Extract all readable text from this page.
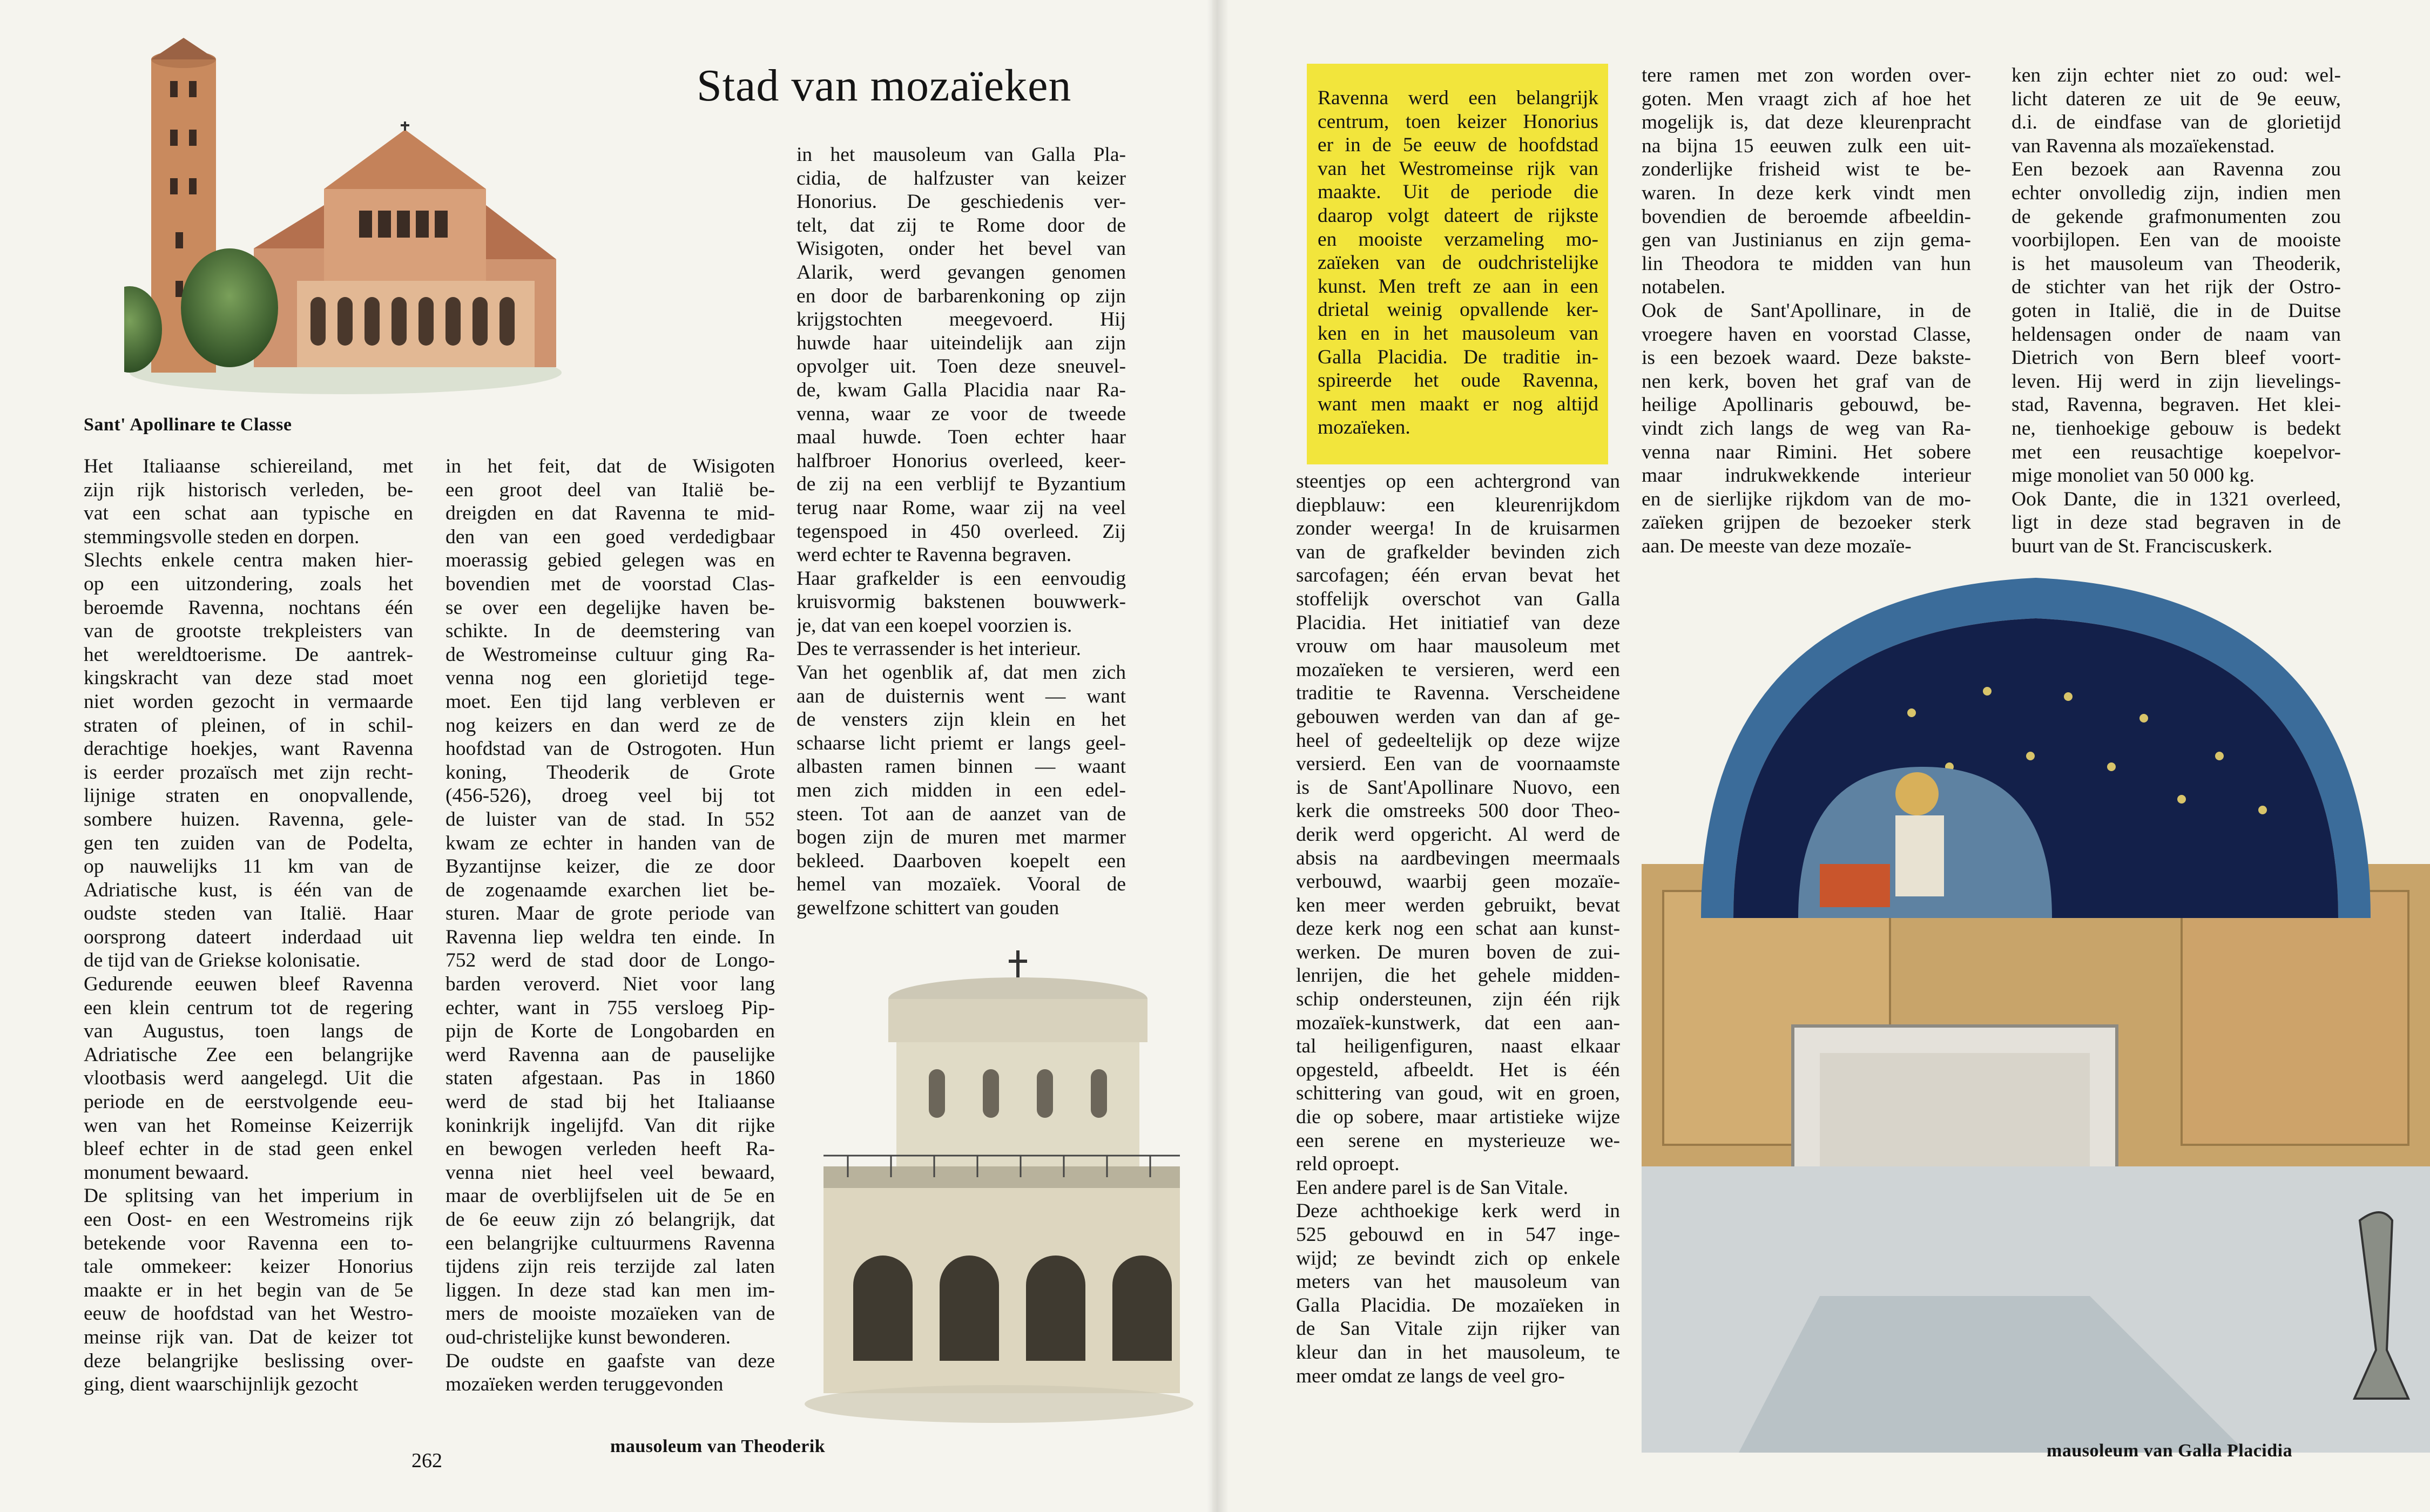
Stad van mozaïeken

Het Italiaanse schiereiland, met

zijn rijk historisch verleden, be-

vat een schat aan typische en

stemmingsvolle steden en dorpen.

Slechts enkele centra maken hier-

op een uitzondering, zoals het

beroemde Ravenna, nochtans één

van de grootste trekpleisters van

het wereldtoerisme. De aantrek-

kingskracht van deze stad moet

niet worden gezocht in vermaarde

straten of pleinen, of in schil-

derachtige hoekjes, want Ravenna

is eerder prozaïsch met zijn recht-

lijnige straten en onopvallende,

sombere huizen. Ravenna, gele-

gen ten zuiden van de Podelta,

op nauwelijks 11 km van de

Adriatische kust, is één van de

oudste steden van Italië. Haar

oorsprong dateert inderdaad uit

de tijd van de Griekse kolonisatie.

Gedurende eeuwen bleef Ravenna

een klein centrum tot de regering

van Augustus, toen langs de

Adriatische Zee een belangrijke

vlootbasis werd aangelegd. Uit die

periode en de eerstvolgende eeu-

wen van het Romeinse Keizerrijk

bleef echter in de stad geen enkel

monument bewaard.

De splitsing van het imperium in

een Oost- en een Westromeins rijk

betekende voor Ravenna een to-

tale ommekeer: keizer Honorius

maakte er in het begin van de 5e

eeuw de hoofdstad van het Westro-

meinse rijk van. Dat de keizer tot

deze belangrijke beslissing over-

ging, dient waarschijnlijk gezocht

in het feit, dat de Wisigoten

een groot deel van Italië be-

dreigden en dat Ravenna te mid-

den van een goed verdedigbaar

moerassig gebied gelegen was en

bovendien met de voorstad Clas-

se over een degelijke haven be-

schikte. In de deemstering van

de Westromeinse cultuur ging Ra-

venna nog een glorietijd tege-

moet. Een tijd lang verbleven er

nog keizers en dan werd ze de

hoofdstad van de Ostrogoten. Hun

koning, Theoderik de Grote

(456-526), droeg veel bij tot

de luister van de stad. In 552

kwam ze echter in handen van de

Byzantijnse keizer, die ze door

de zogenaamde exarchen liet be-

sturen. Maar de grote periode van

Ravenna liep weldra ten einde. In

752 werd de stad door de Longo-

barden veroverd. Niet voor lang

echter, want in 755 versloeg Pip-

pijn de Korte de Longobarden en

werd Ravenna aan de pauselijke

staten afgestaan. Pas in 1860

werd de stad bij het Italiaanse

koninkrijk ingelijfd. Van dit rijke

en bewogen verleden heeft Ra-

venna niet heel veel bewaard,

maar de overblijfselen uit de 5e en

de 6e eeuw zijn zó belangrijk, dat

een belangrijke cultuurmens Ravenna

tijdens zijn reis terzijde zal laten

liggen. In deze stad kan men im-

mers de mooiste mozaïeken van de

oud-christelijke kunst bewonderen.

De oudste en gaafste van deze

mozaïeken werden teruggevonden

in het mausoleum van Galla Pla-

cidia, de halfzuster van keizer

Honorius. De geschiedenis ver-

telt, dat zij te Rome door de

Wisigoten, onder het bevel van

Alarik, werd gevangen genomen

en door de barbarenkoning op zijn

krijgstochten meegevoerd. Hij

huwde haar uiteindelijk aan zijn

opvolger uit. Toen deze sneuvel-

de, kwam Galla Placidia naar Ra-

venna, waar ze voor de tweede

maal huwde. Toen echter haar

halfbroer Honorius overleed, keer-

de zij na een verblijf te Byzantium

terug naar Rome, waar zij na veel

tegenspoed in 450 overleed. Zij

werd echter te Ravenna begraven.

Haar grafkelder is een eenvoudig

kruisvormig bakstenen bouwwerk-

je, dat van een koepel voorzien is.

Des te verrassender is het interieur.

Van het ogenblik af, dat men zich

aan de duisternis went — want

de vensters zijn klein en het

schaarse licht priemt er langs geel-

albasten ramen binnen — waant

men zich midden in een edel-

steen. Tot aan de aanzet van de

bogen zijn de muren met marmer

bekleed. Daarboven koepelt een

hemel van mozaïek. Vooral de

gewelfzone schittert van gouden

Ravenna werd een belangrijk

centrum, toen keizer Honorius

er in de 5e eeuw de hoofdstad

van het Westromeinse rijk van

maakte. Uit de periode die

daarop volgt dateert de rijkste

en mooiste verzameling mo-

zaïeken van de oudchristelijke

kunst. Men treft ze aan in een

drietal weinig opvallende ker-

ken en in het mausoleum van

Galla Placidia. De traditie in-

spireerde het oude Ravenna,

want men maakt er nog altijd

mozaïeken.

steentjes op een achtergrond van

diepblauw: een kleurenrijkdom

zonder weerga! In de kruisarmen

van de grafkelder bevinden zich

sarcofagen; één ervan bevat het

stoffelijk overschot van Galla

Placidia. Het initiatief van deze

vrouw om haar mausoleum met

mozaïeken te versieren, werd een

traditie te Ravenna. Verscheidene

gebouwen werden van dan af ge-

heel of gedeeltelijk op deze wijze

versierd. Een van de voornaamste

is de Sant'Apollinare Nuovo, een

kerk die omstreeks 500 door Theo-

derik werd opgericht. Al werd de

absis na aardbevingen meermaals

verbouwd, waarbij geen mozaïe-

ken meer werden gebruikt, bevat

deze kerk nog een schat aan kunst-

werken. De muren boven de zui-

lenrijen, die het gehele midden-

schip ondersteunen, zijn één rijk

mozaïek-kunstwerk, dat een aan-

tal heiligenfiguren, naast elkaar

opgesteld, afbeeldt. Het is één

schittering van goud, wit en groen,

die op sobere, maar artistieke wijze

een serene en mysterieuze we-

reld oproept.

Een andere parel is de San Vitale.

Deze achthoekige kerk werd in

525 gebouwd en in 547 inge-

wijd; ze bevindt zich op enkele

meters van het mausoleum van

Galla Placidia. De mozaïeken in

de San Vitale zijn rijker van

kleur dan in het mausoleum, te

meer omdat ze langs de veel gro-

tere ramen met zon worden over-

goten. Men vraagt zich af hoe het

mogelijk is, dat deze kleurenpracht

na bijna 15 eeuwen zulk een uit-

zonderlijke frisheid wist te be-

waren. In deze kerk vindt men

bovendien de beroemde afbeeldin-

gen van Justinianus en zijn gema-

lin Theodora te midden van hun

notabelen.

Ook de Sant'Apollinare, in de

vroegere haven en voorstad Classe,

is een bezoek waard. Deze bakste-

nen kerk, boven het graf van de

heilige Apollinaris gebouwd, be-

vindt zich langs de weg van Ra-

venna naar Rimini. Het sobere

maar indrukwekkende interieur

en de sierlijke rijkdom van de mo-

zaïeken grijpen de bezoeker sterk

aan. De meeste van deze mozaïe-

ken zijn echter niet zo oud: wel-

licht dateren ze uit de 9e eeuw,

d.i. de eindfase van de glorietijd

van Ravenna als mozaïekenstad.

Een bezoek aan Ravenna zou

echter onvolledig zijn, indien men

de gekende grafmonumenten zou

voorbijlopen. Een van de mooiste

is het mausoleum van Theoderik,

de stichter van het rijk der Ostro-

goten in Italië, die in de Duitse

heldensagen onder de naam van

Dietrich von Bern bleef voort-

leven. Hij werd in zijn lievelings-

stad, Ravenna, begraven. Het klei-

ne, tienhoekige gebouw is bedekt

met een reusachtige koepelvor-

mige monoliet van 50 000 kg.

Ook Dante, die in 1321 overleed,

ligt in deze stad begraven in de

buurt van de St. Franciscuskerk.

Sant' Apollinare te Classe
mausoleum van Theoderik	mausoleum van Galla Placidia
262
